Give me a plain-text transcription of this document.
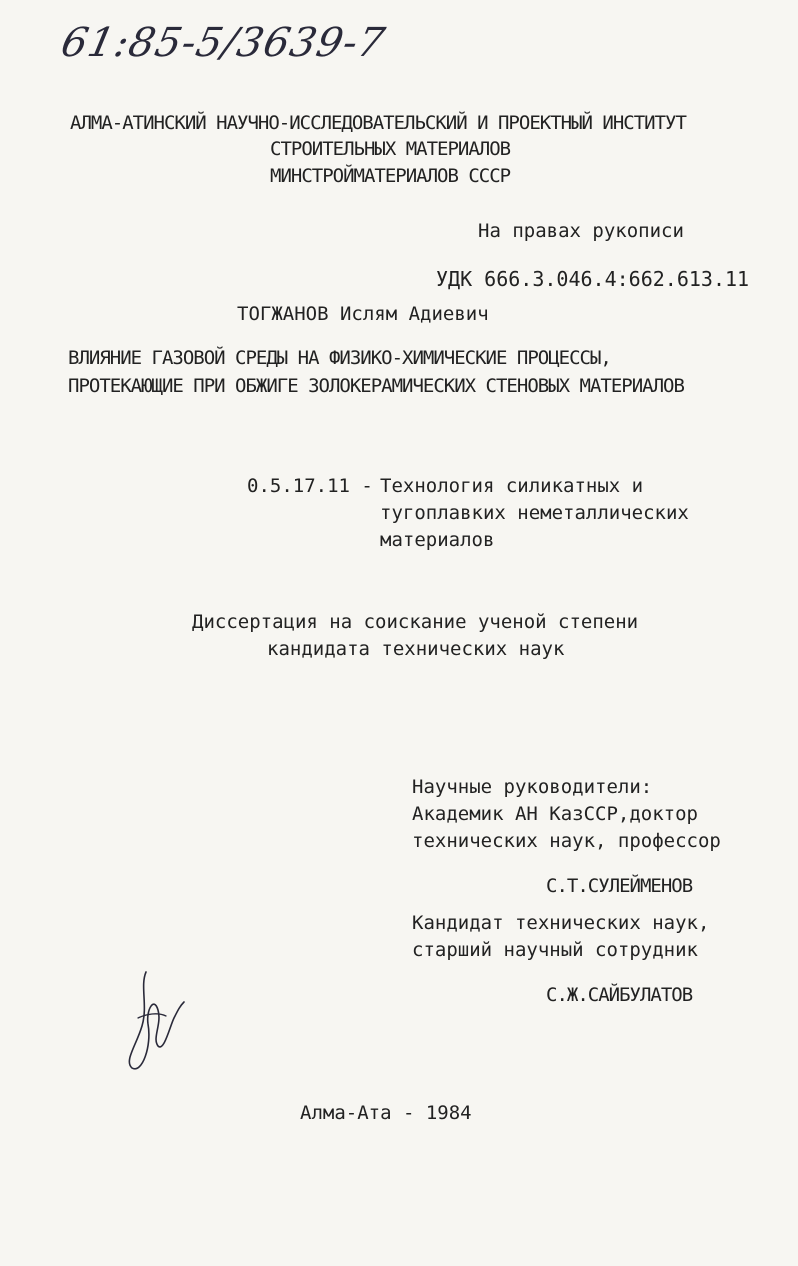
61:85-5/3639-7
АЛМА-АТИНСКИЙ НАУЧНО-ИССЛЕДОВАТЕЛЬСКИЙ И ПРОЕКТНЫЙ ИНСТИТУТ
СТРОИТЕЛЬНЫХ МАТЕРИАЛОВ
МИНСТРОЙМАТЕРИАЛОВ СССР
На правах рукописи
УДК 666.3.046.4:662.613.11
ТОГЖАНОВ Ислям Адиевич
ВЛИЯНИЕ ГАЗОВОЙ СРЕДЫ НА ФИЗИКО-ХИМИЧЕСКИЕ ПРОЦЕССЫ,
ПРОТЕКАЮЩИЕ ПРИ ОБЖИГЕ ЗОЛОКЕРАМИЧЕСКИХ СТЕНОВЫХ МАТЕРИАЛОВ
0.5.17.11 - Технология силикатных и
тугоплавких неметаллических
материалов
Диссертация на соискание ученой степени
кандидата технических наук
Научные руководители:
Академик АН КазССР,доктор
технических наук, профессор
С.Т.СУЛЕЙМЕНОВ
Кандидат технических наук,
старший научный сотрудник
С.Ж.САЙБУЛАТОВ
Алма-Ата - 1984
